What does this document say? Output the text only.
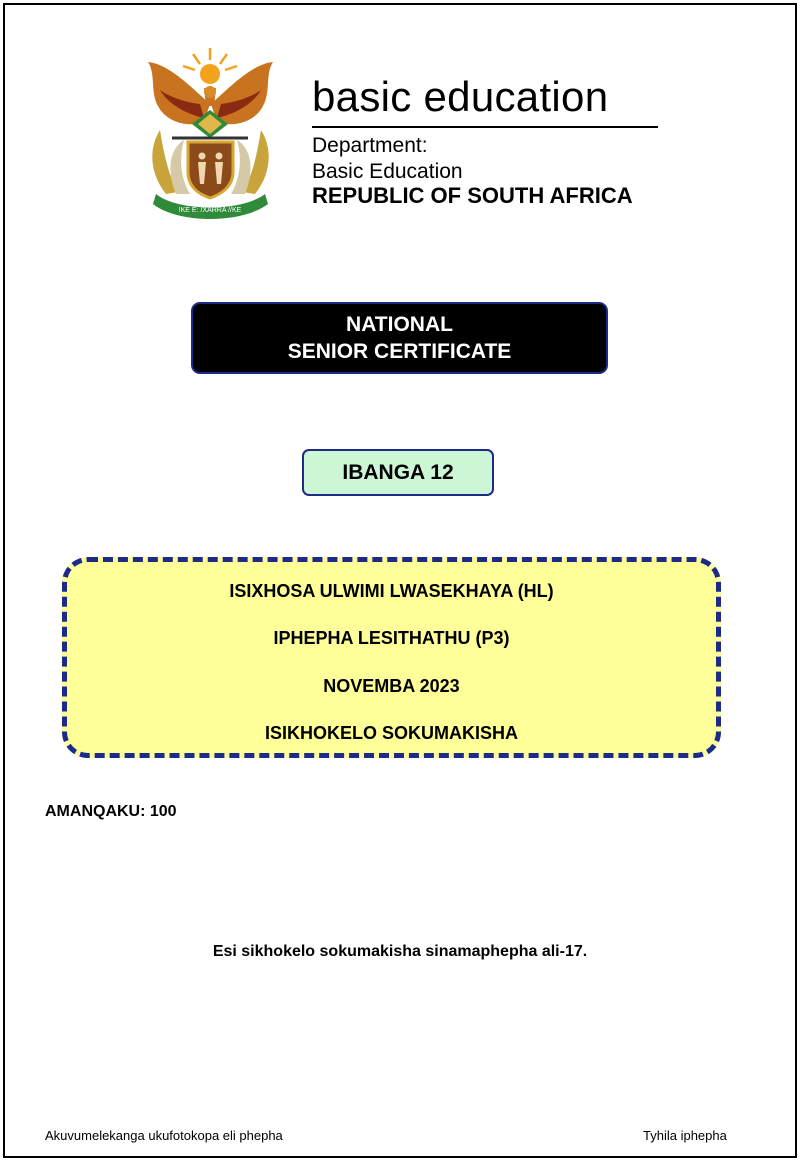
!KE E: /XARRA //KE
basic education
Department:
Basic Education
REPUBLIC OF SOUTH AFRICA
NATIONAL
SENIOR CERTIFICATE
IBANGA 12
ISIXHOSA ULWIMI LWASEKHAYA (HL)
IPHEPHA LESITHATHU (P3)
NOVEMBA 2023
ISIKHOKELO SOKUMAKISHA
AMANQAKU: 100
Esi sikhokelo sokumakisha sinamaphepha ali-17.
Akuvumelekanga ukufotokopa eli phepha	Tyhila iphepha
